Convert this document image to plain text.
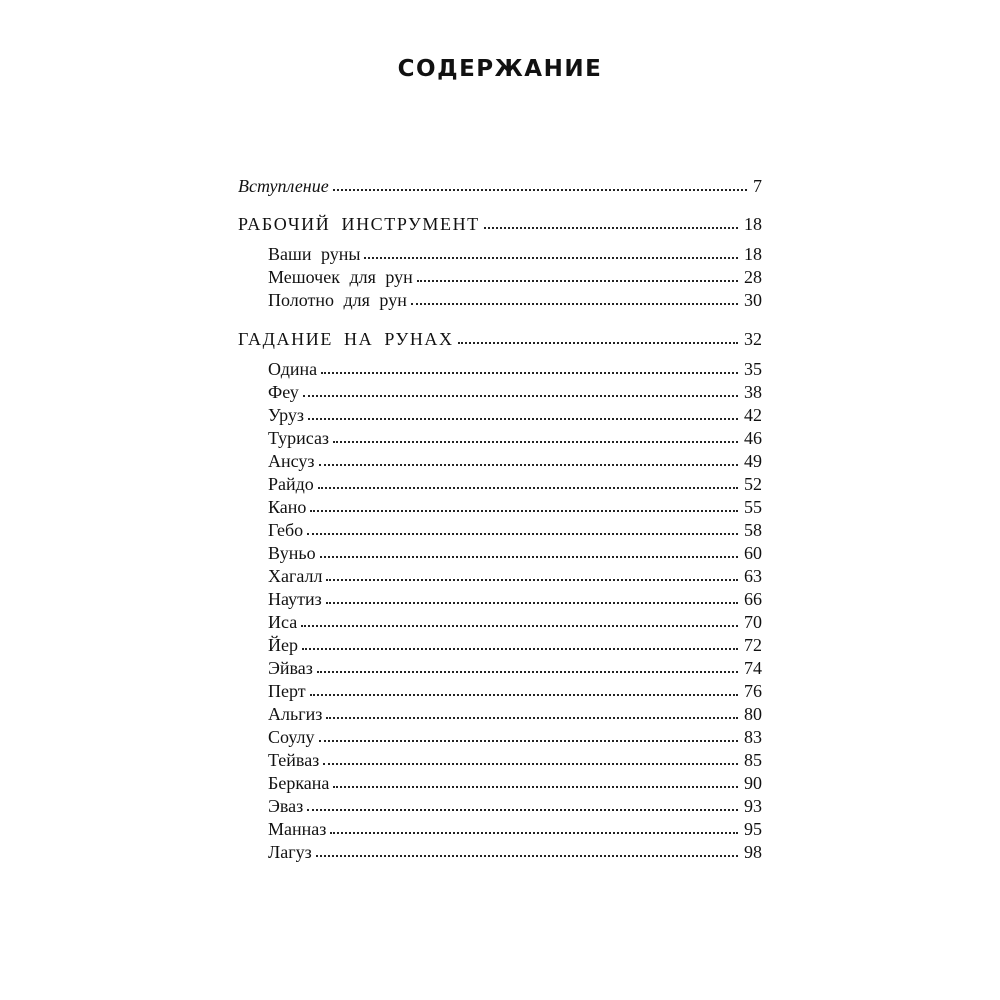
СОДЕРЖАНИЕ
Вступление	7
РАБОЧИЙ ИНСТРУМЕНТ	18
Ваши руны	18
Мешочек для рун	28
Полотно для рун	30
ГАДАНИЕ НА РУНАХ	32
Одина	35
Феу	38
Уруз	42
Турисаз	46
Ансуз	49
Райдо	52
Кано	55
Гебо	58
Вуньо	60
Хагалл	63
Наутиз	66
Иса	70
Йер	72
Эйваз	74
Перт	76
Альгиз	80
Соулу	83
Тейваз	85
Беркана	90
Эваз	93
Манназ	95
Лагуз	98
